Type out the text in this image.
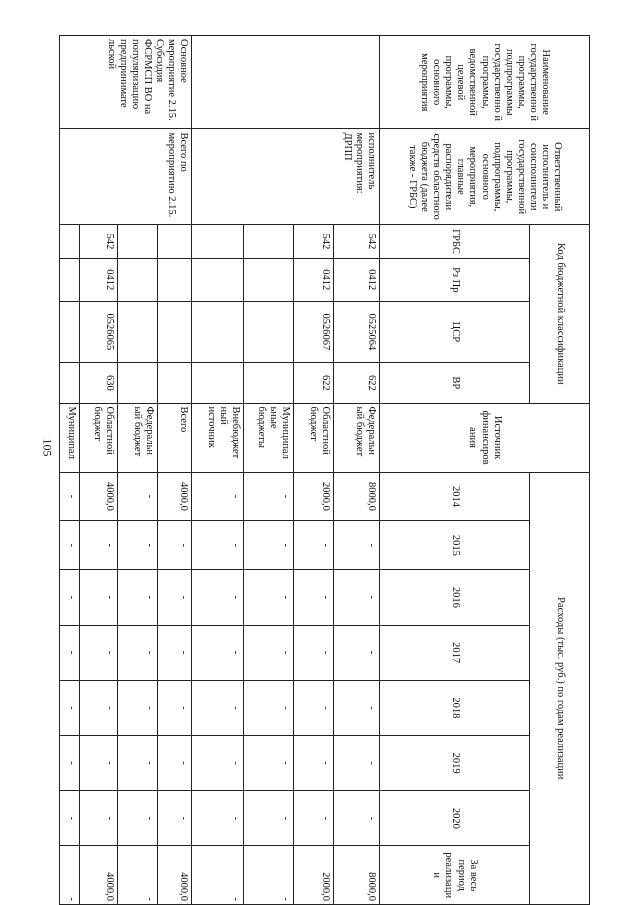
105
Наименование государственно й программы, подпрограммы государственно й программы, ведомственной целевой программы, основного мероприятия	Ответственный исполнитель и соисполнители государственной программы, подпрограммы, основного мероприятия, главные распорядители средств областного бюджета (далее также - ГРБС)	Код бюджетной классификации				Источник финансиров ания	Расходы (тыс. руб.) по годам реализации							
		ГРБС	Рз Пр	ЦСР	ВР		2014	2015	2016	2017	2018	2019	2020	За весь период реализаци и
	исполнитель мероприятия: ДРПП	542	0412	0525064	622	Федеральн ый бюджет	8000,0	-	-	-	-	-	-	8000,0
		542	0412	0526067	622	Областной бюджет	2000,0	-	-	-	-	-	-	2000,0
						Муниципал ьные бюджеты	-	-	-	-	-	-	-	-
						Внебюджет ный источник	-	-	-	-	-	-	-	-
Основное мероприятие 2.15. Субсидия ФСРМСП ВО на популяризацию предпринимате льской	Всего по мероприятию 2.15.					Всего	4000,0	-	-	-	-	-	-	4000,0
						Федеральн ый бюджет	-	-	-	-	-	-	-	-
		542	0412	0526065	630	Областной бюджет	4000,0	-	-	-	-	-	-	4000,0
						Муниципал	-	-	-	-	-	-	-	-
